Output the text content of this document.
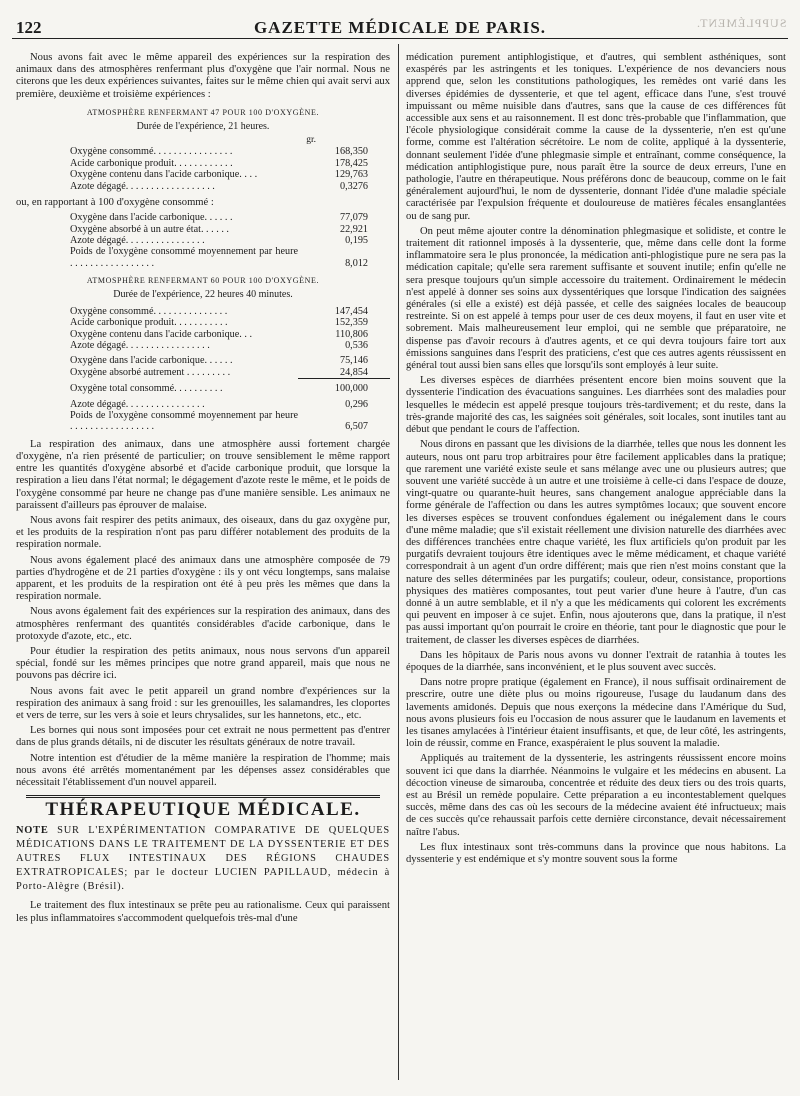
122	GAZETTE MÉDICALE DE PARIS.	SUPPLÉMENT.

Nous avons fait avec le même appareil des expériences sur la respiration des animaux dans des atmosphères renfermant plus d'oxygène que l'air normal. Nous ne citerons que les deux expériences suivantes, faites sur le même chien qui avait servi aux première, deuxième et troisième expériences :

ATMOSPHÈRE RENFERMANT 47 POUR 100 D'OXYGÈNE.
Durée de l'expérience, 21 heures.
gr.
Oxygène consommé. . . . . . . . . . . . . . . .	168,350
Acide carbonique produit. . . . . . . . . . . .	178,425
Oxygène contenu dans l'acide carbonique. . . .	129,763
Azote dégagé. . . . . . . . . . . . . . . . . .	0,3276
ou, en rapportant à 100 d'oxygène consommé :
Oxygène dans l'acide carbonique. . . . . .	77,079
Oxygène absorbé à un autre état. . . . . .	22,921
Azote dégagé. . . . . . . . . . . . . . . .	0,195
Poids de l'oxygène consommé moyennement par heure . . . . . . . . . . . . . . . . .	8,012
ATMOSPHÈRE RENFERMANT 60 POUR 100 D'OXYGÈNE.
Durée de l'expérience, 22 heures 40 minutes.
Oxygène consommé. . . . . . . . . . . . . . .	147,454
Acide carbonique produit. . . . . . . . . . .	152,359
Oxygène contenu dans l'acide carbonique. . .	110,806
Azote dégagé. . . . . . . . . . . . . . . . .	0,536
Oxygène dans l'acide carbonique. . . . . .	75,146
Oxygène absorbé autrement . . . . . . . . .	24,854
Oxygène total consommé. . . . . . . . . .	100,000
Azote dégagé. . . . . . . . . . . . . . . .	0,296
Poids de l'oxygène consommé moyennement par heure . . . . . . . . . . . . . . . . .	6,507

La respiration des animaux, dans une atmosphère aussi fortement chargée d'oxygène, n'a rien présenté de particulier; on trouve sensiblement le même rapport entre les quantités d'oxygène absorbé et d'acide carbonique produit, que lorsque la respiration a lieu dans l'état normal; le dégagement d'azote reste le même, et le poids de l'oxygène consommé par heure ne change pas d'une manière sensible. Les animaux ne paraissent d'ailleurs pas éprouver de malaise.

Nous avons fait respirer des petits animaux, des oiseaux, dans du gaz oxygène pur, et les produits de la respiration n'ont pas paru différer notablement des produits de la respiration normale.

Nous avons également placé des animaux dans une atmosphère composée de 79 parties d'hydrogène et de 21 parties d'oxygène : ils y ont vécu longtemps, sans malaise apparent, et les produits de la respiration ont été à peu près les mêmes que dans la respiration normale.

Nous avons également fait des expériences sur la respiration des animaux, dans des atmosphères renfermant des quantités considérables d'acide carbonique, dans le protoxyde d'azote, etc., etc.

Pour étudier la respiration des petits animaux, nous nous servons d'un appareil spécial, fondé sur les mêmes principes que notre grand appareil, mais que nous ne pouvons pas décrire ici.

Nous avons fait avec le petit appareil un grand nombre d'expériences sur la respiration des animaux à sang froid : sur les grenouilles, les salamandres, les cloportes et vers de terre, sur les vers à soie et leurs chrysalides, sur les hannetons, etc., etc.

Les bornes qui nous sont imposées pour cet extrait ne nous permettent pas d'entrer dans de plus grands détails, ni de discuter les résultats généraux de notre travail.

Notre intention est d'étudier de la même manière la respiration de l'homme; mais nous avons été arrêtés momentanément par les dépenses assez considérables que nécessitait l'établissement d'un nouvel appareil.

THÉRAPEUTIQUE MÉDICALE.

NOTE SUR L'EXPÉRIMENTATION COMPARATIVE DE QUELQUES MÉDICATIONS DANS LE TRAITEMENT DE LA DYSSENTERIE ET DES AUTRES FLUX INTESTINAUX DES RÉGIONS CHAUDES EXTRATROPICALES; par le docteur LUCIEN PAPILLAUD, médecin à Porto-Alègre (Brésil).

Le traitement des flux intestinaux se prête peu au rationalisme. Ceux qui paraissent les plus inflammatoires s'accommodent quelquefois très-mal d'une

médication purement antiphlogistique, et d'autres, qui semblent asthéniques, sont exaspérés par les astringents et les toniques. L'expérience de nos devanciers nous apprend que, selon les constitutions pathologiques, les remèdes ont varié dans les diverses épidémies de dyssenterie, et que tel agent, efficace dans l'une, s'est trouvé impuissant ou même nuisible dans d'autres, sans que la cause de ces différences fût accessible aux sens et au raisonnement. Il est donc très-probable que l'inflammation, que l'école physiologique considérait comme la cause de la dyssenterie, n'en est qu'une forme, comme est l'altération sécrétoire. Le nom de colite, appliqué à la dyssenterie, donnant seulement l'idée d'une phlegmasie simple et entraînant, comme conséquence, la médication antiphlogistique pure, nous paraît être la source de deux erreurs, l'une en pathologie, l'autre en thérapeutique. Nous préférons donc de beaucoup, comme on le fait généralement aujourd'hui, le nom de dyssenterie, donnant l'idée d'une maladie spéciale caractérisée par l'expulsion fréquente et douloureuse de matières fécales ensanglantées ou de sang pur.

On peut même ajouter contre la dénomination phlegmasique et solidiste, et contre le traitement dit rationnel imposés à la dyssenterie, que, même dans celle dont la forme inflammatoire sera le plus prononcée, la médication anti-phlogistique pure ne sera pas la médication capitale; qu'elle sera rarement suffisante et souvent inutile; enfin qu'elle ne sera presque toujours qu'un simple accessoire du traitement. Ordinairement le médecin n'est appelé à donner ses soins aux dyssentériques que lorsque l'indication des saignées générales (si elle a existé) est déjà passée, et celle des saignées locales de beaucoup restreinte. Si on est appelé à temps pour user de ces deux moyens, il faut en user vite et sobrement. Mais malheureusement leur emploi, qui ne semble que préparatoire, ne dispense pas d'avoir recours à d'autres agents, et ce qui devra toujours faire tort aux émissions sanguines dans l'esprit des praticiens, c'est que ces autres agents réussissent en général tout aussi bien sans elles que lorsqu'ils sont employés à leur suite.

Les diverses espèces de diarrhées présentent encore bien moins souvent que la dyssenterie l'indication des évacuations sanguines. Les diarrhées sont des maladies pour lesquelles le médecin est appelé presque toujours très-tardivement; et du reste, dans la très-grande majorité des cas, les saignées soit générales, soit locales, sont inutiles tant au début que pendant le cours de l'affection.

Nous dirons en passant que les divisions de la diarrhée, telles que nous les donnent les auteurs, nous ont paru trop arbitraires pour être facilement applicables dans la pratique; que rarement une variété existe seule et sans mélange avec une ou plusieurs autres; que souvent une variété succède à un autre et une troisième à celle-ci dans l'espace de douze, vingt-quatre ou quarante-huit heures, sans changement analogue appréciable dans la forme générale de l'affection ou dans les autres symptômes locaux; que souvent encore les diverses espèces se trouvent confondues également ou inégalement dans le cours d'une même maladie; que s'il existait réellement une division naturelle des diarrhées avec des différences tranchées entre chaque variété, les flux artificiels qu'on produit par les purgatifs devraient toujours être identiques avec le même médicament, et chaque variété correspondrait à un agent d'un ordre différent; mais que rien n'est moins constant que la nature des selles déterminées par les purgatifs; couleur, odeur, consistance, proportions physiques des matières composantes, tout peut varier d'une heure à l'autre, d'un cas donné à un autre semblable, et il n'y a que les médicaments qui colorent les excréments qui peuvent en imposer à ce sujet. Enfin, nous ajouterons que, dans la pratique, il n'est pas aussi important qu'on pourrait le croire en théorie, tant pour le diagnostic que pour le traitement, de classer les diverses espèces de diarrhées.

Dans les hôpitaux de Paris nous avons vu donner l'extrait de ratanhia à toutes les époques de la diarrhée, sans inconvénient, et le plus souvent avec succès.

Dans notre propre pratique (également en France), il nous suffisait ordinairement de prescrire, outre une diète plus ou moins rigoureuse, l'usage du laudanum dans des lavements amidonés. Depuis que nous exerçons la médecine dans l'Amérique du Sud, nous avons plusieurs fois eu l'occasion de nous assurer que le laudanum en lavements et les tisanes amylacées à l'intérieur étaient insuffisants, et que, de leur côté, les astringents, loin de réussir, comme en France, exaspéraient le plus souvent la maladie.

Appliqués au traitement de la dyssenterie, les astringents réussissent encore moins souvent ici que dans la diarrhée. Néanmoins le vulgaire et les médecins en abusent. La décoction vineuse de simarouba, concentrée et réduite des deux tiers ou des trois quarts, est au Brésil un remède populaire. Cette préparation a eu incontestablement quelques succès, même dans des cas où les secours de la médecine avaient été infructueux; mais de ces succès qu'ce rehaussait parfois cette dernière circonstance, devait nécessairement naître l'abus.

Les flux intestinaux sont très-communs dans la province que nous habitons. La dyssenterie y est endémique et s'y montre souvent sous la forme
